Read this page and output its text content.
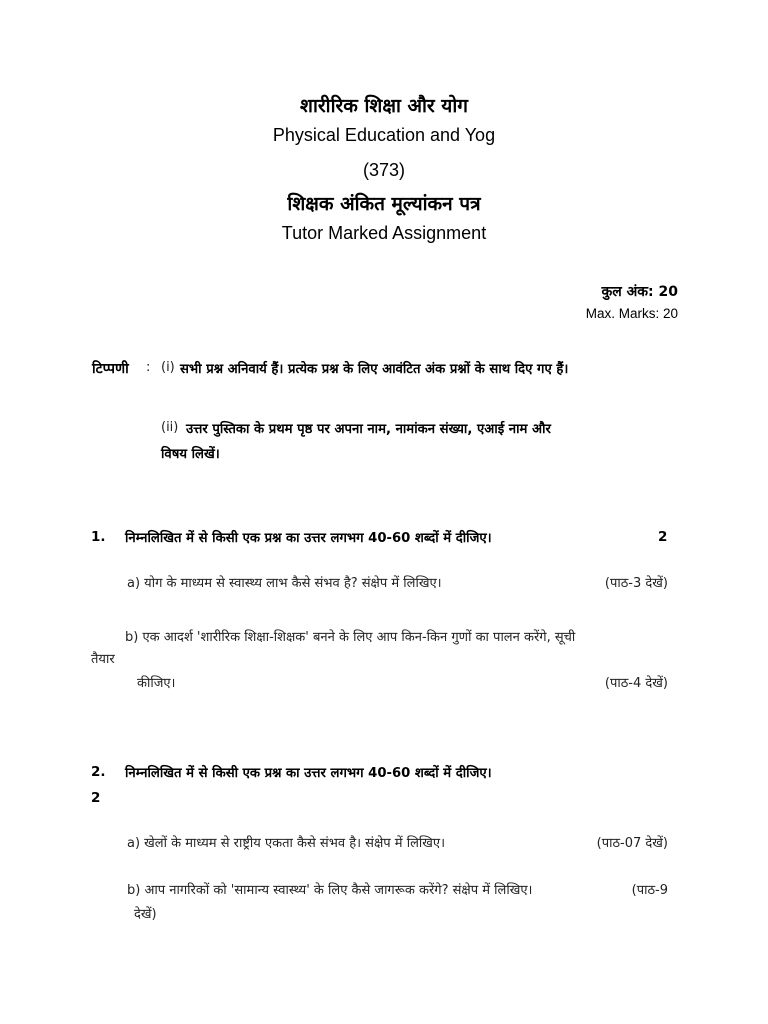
शारीरिक शिक्षा और योग
Physical Education and Yog
(373)
शिक्षक अंकित मूल्यांकन पत्र
Tutor Marked Assignment
कुल अंक: 20
Max. Marks: 20
टिप्पणी : (i) सभी प्रश्न अनिवार्य हैं। प्रत्येक प्रश्न के लिए आवंटित अंक प्रश्नों के साथ दिए गए हैं।
(ii) उत्तर पुस्तिका के प्रथम पृष्ठ पर अपना नाम, नामांकन संख्या, एआई नाम और
विषय लिखें।
1. निम्नलिखित में से किसी एक प्रश्न का उत्तर लगभग 40-60 शब्दों में दीजिए।	2
a) योग के माध्यम से स्वास्थ्य लाभ कैसे संभव है? संक्षेप में लिखिए।	(पाठ-3 देखें)
b) एक आदर्श 'शारीरिक शिक्षा-शिक्षक' बनने के लिए आप किन-किन गुणों का पालन करेंगे, सूची
तैयार
कीजिए।	(पाठ-4 देखें)
2. निम्नलिखित में से किसी एक प्रश्न का उत्तर लगभग 40-60 शब्दों में दीजिए।
2
a) खेलों के माध्यम से राष्ट्रीय एकता कैसे संभव है। संक्षेप में लिखिए।	(पाठ-07 देखें)
b) आप नागरिकों को 'सामान्य स्वास्थ्य' के लिए कैसे जागरूक करेंगे? संक्षेप में लिखिए।	(पाठ-9
देखें)
